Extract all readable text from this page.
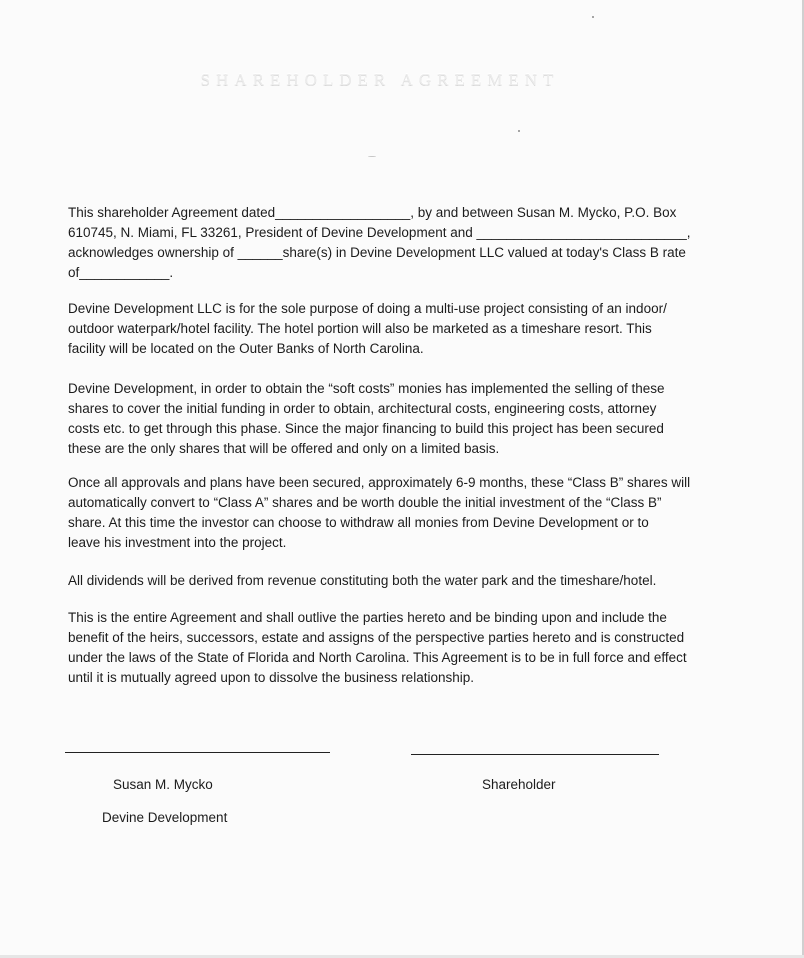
SHAREHOLDER AGREEMENT
This shareholder Agreement dated__________________, by and between Susan M. Mycko, P.O. Box
610745, N. Miami, FL 33261, President of Devine Development and ____________________________,
acknowledges ownership of ______share(s) in Devine Development LLC valued at today's Class B rate
of____________.
Devine Development LLC is for the sole purpose of doing a multi-use project consisting of an indoor/
outdoor waterpark/hotel facility. The hotel portion will also be marketed as a timeshare resort. This
facility will be located on the Outer Banks of North Carolina.
Devine Development, in order to obtain the “soft costs” monies has implemented the selling of these
shares to cover the initial funding in order to obtain, architectural costs, engineering costs, attorney
costs etc. to get through this phase. Since the major financing to build this project has been secured
these are the only shares that will be offered and only on a limited basis.
Once all approvals and plans have been secured, approximately 6-9 months, these “Class B” shares will
automatically convert to “Class A” shares and be worth double the initial investment of the “Class B”
share. At this time the investor can choose to withdraw all monies from Devine Development or to
leave his investment into the project.
All dividends will be derived from revenue constituting both the water park and the timeshare/hotel.
This is the entire Agreement and shall outlive the parties hereto and be binding upon and include the
benefit of the heirs, successors, estate and assigns of the perspective parties hereto and is constructed
under the laws of the State of Florida and North Carolina. This Agreement is to be in full force and effect
until it is mutually agreed upon to dissolve the business relationship.
Susan M. Mycko
Devine Development
Shareholder
